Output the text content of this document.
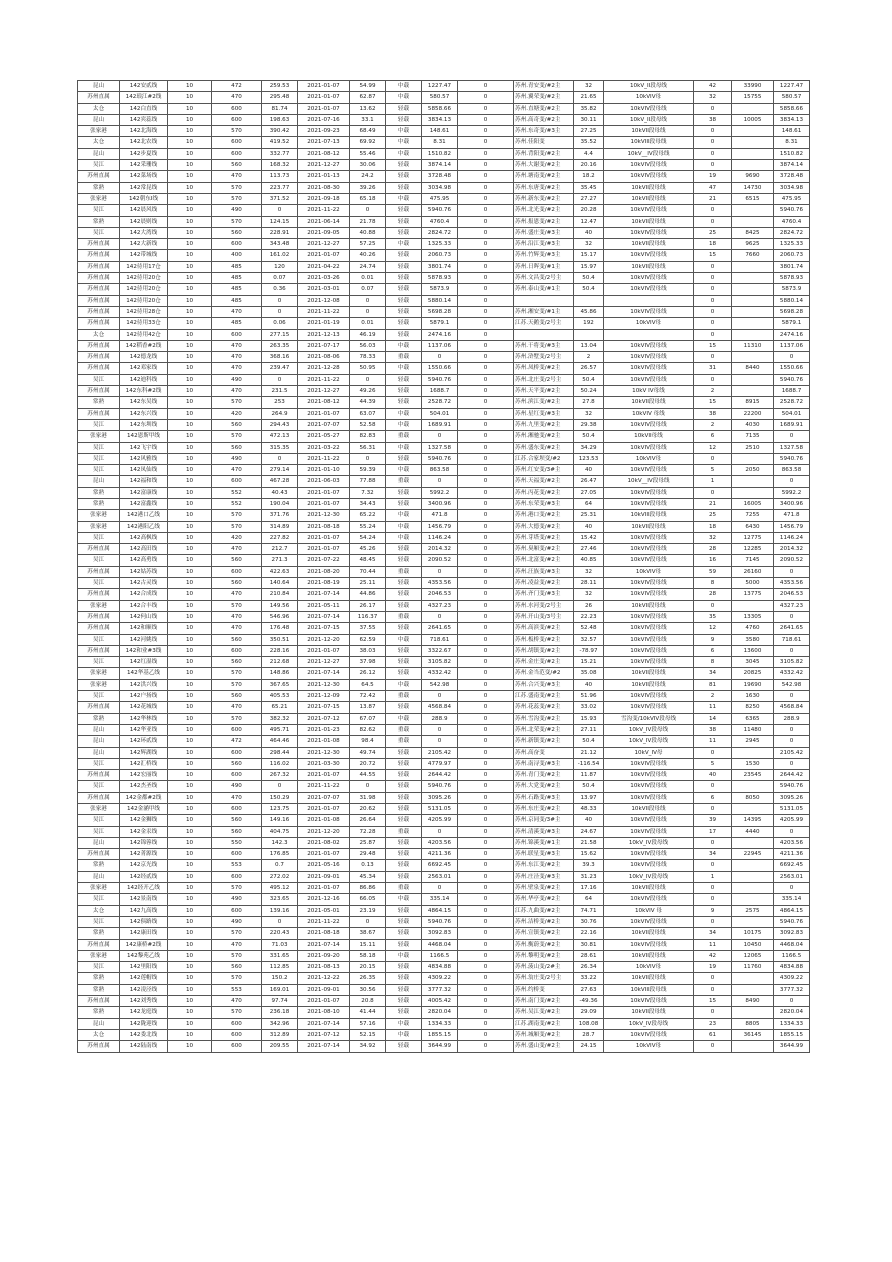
昆山	142安贰线	10	472	259.53	2021-01-07	54.99	中载	1227.47	0	苏州.青安变/#2主	32	10kV_II段母线	42	33990	1227.47
苏州直属	142琅江#2线	10	470	295.48	2021-01-07	62.87	中载	580.57	0	苏州.翼荣变/#2主	21.65	10kVIV母	32	15755	580.57
太仓	142白直线	10	600	81.74	2021-01-07	13.62	轻载	5858.66	0	苏州.直塘变/#2主	35.82	10kVIV段母线	0		5858.66
昆山	142宾蕊线	10	600	198.63	2021-07-16	33.1	轻载	3834.13	0	苏州.高奇变/#2主	30.11	10kV_II段母线	38	10005	3834.13
张家港	142北海线	10	570	390.42	2021-09-23	68.49	中载	148.61	0	苏州.东奇变/#3主	27.25	10kVII段母线	0		148.61
太仓	142北农线	10	600	419.52	2021-07-13	69.92	中载	8.31	0	苏州.佳阳变	35.52	10kVIII段母线	0		8.31
昆山	142步夏线	10	600	332.77	2021-08-12	55.46	中载	1510.82	0	苏州.背阳变/#2主	4.4	10kV__IV段母线	0		1510.82
吴江	142采珊线	10	560	168.32	2021-12-27	30.06	轻载	3874.14	0	苏州.大谢变/#2主	20.16	10kVIV段母线	0		3874.14
苏州直属	142菜场线	10	470	113.73	2021-01-13	24.2	轻载	3728.48	0	苏州.塘南变/#2主	18.2	10kVIV段母线	19	9690	3728.48
常熟	142常昆线	10	570	223.77	2021-08-30	39.26	轻载	3034.98	0	苏州.东唐变/#2主	35.45	10kVII段母线	47	14730	3034.98
张家港	142朝东I线	10	570	371.52	2021-09-18	65.18	中载	475.95	0	苏州.新东变/#2主	27.27	10kVII段母线	21	6515	475.95
吴江	142晨风线	10	490	0	2021-11-22	0	轻载	5940.76	0	苏州.北光变/#2主	20.28	10kVIV段母线	0		5940.76
常熟	142晨则线	10	570	124.15	2021-06-14	21.78	轻载	4760.4	0	苏州.报恩变/#2主	12.47	10kVII段母线	0		4760.4
吴江	142大湾线	10	560	228.91	2021-09-05	40.88	轻载	2824.72	0	苏州.盛庄变/#3主	40	10kVIV段母线	25	8425	2824.72
苏州直属	142大新线	10	600	343.48	2021-12-27	57.25	中载	1325.33	0	苏州.沿江变/#3主	32	10kVII段母线	18	9625	1325.33
苏州直属	142带城线	10	400	161.02	2021-01-07	40.26	轻载	2060.73	0	苏州.竹辉变/#3主	15.17	10kVIV段母线	15	7660	2060.73
苏州直属	142待用17仓	10	485	120	2021-04-22	24.74	轻载	3801.74	0	苏州.日晖变/#1主	15.97	10kVII段母线	0		3801.74
苏州直属	142待用20仓	10	485	0.07	2021-03-26	0.01	轻载	5878.93	0	苏州.文昌变/2号主	50.4	10kVIV段母线	0		5878.93
苏州直属	142待用20仓	10	485	0.36	2021-03-01	0.07	轻载	5873.9	0	苏州.泰山变/#1主	50.4	10kVIV段母线	0		5873.9
苏州直属	142待用20仓	10	485	0	2021-12-08	0	轻载	5880.14	0				0		5880.14
苏州直属	142待用28仓	10	470	0	2021-11-22	0	轻载	5698.28	0	苏州.湘安变/#1主	45.86	10kVIV段母线	0		5698.28
苏州直属	142待用33仓	10	485	0.06	2021-01-19	0.01	轻载	5879.1	0	江苏.天鹅变/2号主	192	10kVIV母	0		5879.1
太仓	142待用42仓	10	600	277.15	2021-12-13	46.19	轻载	2474.16	0				0		2474.16
苏州直属	142稻香#2线	10	470	263.35	2021-07-17	56.03	中载	1137.06	0	苏州.干将变/#3主	13.04	10kVIV段母线	15	11310	1137.06
苏州直属	142德龙线	10	470	368.16	2021-08-06	78.33	重载	0	0	苏州.浒墅变/2号主	2	10kVIV段母线	0		0
苏州直属	142邓家线	10	470	239.47	2021-12-28	50.95	中载	1550.66	0	苏州.凤桥变/#2主	26.57	10kVIV段母线	31	8440	1550.66
吴江	142迪科线	10	490	0	2021-11-22	0	轻载	5940.76	0	苏州.北庄变/2号主	50.4	10kVIV段母线	0		5940.76
苏州直属	142东科#2线	10	470	231.5	2021-12-27	49.26	轻载	1688.7	0	苏州.天平变/#2主	50.24	10kV IV母线	2		1688.7
常熟	142东吴线	10	570	253	2021-08-12	44.39	轻载	2528.72	0	苏州.滨江变/#2主	27.8	10kVII段母线	15	8915	2528.72
苏州直属	142东兴线	10	420	264.9	2021-01-07	63.07	中载	504.01	0	苏州.星红变/#3主	32	10kVIV 母线	38	22200	504.01
吴江	142东圳线	10	560	294.43	2021-07-07	52.58	中载	1689.91	0	苏州.九里变/#2主	29.38	10kVIV段母线	2	4030	1689.91
张家港	142恩斯甲线	10	570	472.13	2021-05-27	82.83	重载	0	0	苏州.湘驰变/#2主	50.4	10kVII母线	6	7135	0
吴江	142飞宇线	10	560	315.35	2021-03-22	56.31	中载	1327.58	0	苏州.盛东变/#2主	34.29	10kVIV段母线	12	2510	1327.58
吴江	142风雅线	10	490	0	2021-11-22	0	轻载	5940.76	0	江苏.合家坝变/#2	123.53	10kVIV母	0		5940.76
吴江	142凤仙线	10	470	279.14	2021-01-10	59.39	中载	863.58	0	苏州.红安变/3#主	40	10kVIV段母线	5	2050	863.58
昆山	142福和线	10	600	467.28	2021-06-03	77.88	重载	0	0	苏州.天福变/#2主	26.47	10kV__IV段母线	1		0
常熟	142富康线	10	552	40.43	2021-01-07	7.32	轻载	5992.2	0	苏州.丙花变/#2主	27.05	10kVIV段母线	0		5992.2
常熟	142富鑫线	10	552	190.04	2021-01-07	34.43	轻载	3400.96	0	苏州.东荣变/#3主	64	10kVIV段母线	21	16005	3400.96
张家港	142港口乙线	10	570	371.76	2021-12-30	65.22	中载	471.8	0	苏州.港口变/#2主	25.31	10kVIII段母线	25	7255	471.8
张家港	142港阳乙线	10	570	314.89	2021-08-18	55.24	中载	1456.79	0	苏州.大德变/#2主	40	10kVII段母线	18	6430	1456.79
吴江	142高枫线	10	420	227.82	2021-01-07	54.24	中载	1146.24	0	苏州.芽塔变/#2主	15.42	10kVIV段母线	32	12775	1146.24
苏州直属	142高田线	10	470	212.7	2021-01-07	45.26	轻载	2014.32	0	苏州.臭厢变/#2主	27.46	10kVIV段母线	28	12285	2014.32
吴江	142高勇线	10	560	271.3	2021-07-22	48.45	轻载	2090.52	0	苏州.北富变/#2主	40.85	10kVIV段母线	16	7145	2090.52
苏州直属	142姑苏线	10	600	422.63	2021-08-20	70.44	重载	0	0	苏州.汪族变/#3主	32	10kVIV母	59	26160	0
吴江	142古灵线	10	560	140.64	2021-08-19	25.11	轻载	4353.56	0	苏州.凌益变/#2主	28.11	10kVIV段母线	8	5000	4353.56
苏州直属	142合成线	10	470	210.84	2021-07-14	44.86	轻载	2046.53	0	苏州.齐门变/#3主	32	10kVIV段母线	28	13775	2046.53
张家港	142合丰线	10	570	149.56	2021-05-11	26.17	轻载	4327.23	0	苏州.水河变/2号主	26	10kVII段母线	0		4327.23
苏州直属	142何山线	10	470	546.96	2021-07-14	116.37	重载	0	0	苏州.开山变/3号主	22.23	10kVIV段母线	35	13305	0
苏州直属	142和顺线	10	470	176.48	2021-07-15	37.55	轻载	2641.65	0	苏州.高滨变/#2主	52.48	10kVIV段母线	12	4760	2641.65
吴江	142河姚线	10	560	350.51	2021-12-20	62.59	中载	718.61	0	苏州.板桥变/#2主	32.57	10kVIV段母线	9	3580	718.61
苏州直属	142和业#3线	10	600	228.16	2021-01-07	38.03	轻载	3322.67	0	苏州.胡镇变/#2主	-78.97	10kVIV段母线	6	13600	0
吴江	142红湿线	10	560	212.68	2021-12-27	37.98	轻载	3105.82	0	苏州.金庄变/#2主	15.21	10kVIV段母线	8	3045	3105.82
张家港	142华基乙线	10	570	148.86	2021-07-14	26.12	轻载	4332.42	0	苏州.金当范变/#2	35.08	10kVII段母线	34	20825	4332.42
张家港	142洪兴线	10	570	367.65	2021-12-30	64.5	中载	542.98	0	苏州.合兴变/#3主	40	10kVII段母线	81	19690	542.98
吴江	142户扬线	10	560	405.53	2021-12-09	72.42	重载	0	0	江苏.盛南变/#2主	51.96	10kVIV段母线	2	1630	0
苏州直属	142花城线	10	470	65.21	2021-07-15	13.87	轻载	4568.84	0	苏州.花蕊变/#2主	33.02	10kVIV段母线	11	8250	4568.84
常熟	142华林线	10	570	382.32	2021-07-12	67.07	中载	288.9	0	苏州.雪沟变/#2主	15.93	雪沟变/10kVIV段母线	14	6365	288.9
昆山	142华亚线	10	600	495.71	2021-01-23	82.62	重载	0	0	苏州.北荣变/#2主	27.11	10kV_IV段母线	38	11480	0
昆山	142环贰线	10	472	464.46	2021-01-08	98.4	重载	0	0	苏州.新镇变/#2主	50.4	10kV_IV段母线	11	2945	0
昆山	142辉湖线	10	600	298.44	2021-12-30	49.74	轻载	2105.42	0	苏州.高奋变	21.12	10kV_IV母	0		2105.42
吴江	142汇桥线	10	560	116.02	2021-03-30	20.72	轻载	4779.97	0	苏州.南浔变/#3主	-116.54	10kVIV段母线	5	1530	0
苏州直属	142宏丽线	10	600	267.32	2021-01-07	44.55	轻载	2644.42	0	苏州.青门变/#2主	11.87	10kVIV段母线	40	23545	2644.42
吴江	142杰圣线	10	490	0	2021-11-22	0	轻载	5940.76	0	苏州.大党变/#2主	50.4	10kVIV段母线	0		5940.76
苏州直属	142金都#2线	10	470	150.29	2021-07-07	31.98	轻载	3095.26	0	苏州.石路变/#3主	13.97	10kVIV段母线	6	8050	3095.26
张家港	142金涵甲线	10	600	123.75	2021-01-07	20.62	轻载	5131.05	0	苏州.东庄变/#2主	48.33	10kVII段母线	0		5131.05
吴江	142金狮线	10	560	149.16	2021-01-08	26.64	轻载	4205.99	0	苏州.京同变/3#主	40	10kVIV段母线	39	14395	4205.99
吴江	142金汞线	10	560	404.75	2021-12-20	72.28	重载	0	0	苏州.清溪变/#3主	24.67	10kVIV段母线	17	4440	0
昆山	142锦蓉线	10	550	142.3	2021-08-02	25.87	轻载	4203.56	0	苏州.锦溪变/#1主	21.58	10kV_IV段母线	0		4203.56
苏州直属	142菁源线	10	600	176.85	2021-01-07	29.48	轻载	4211.36	0	苏州.联星变/#3主	15.62	10kVIV段母线	34	22945	4211.36
常熟	142京光线	10	553	0.7	2021-05-16	0.13	轻载	6692.45	0	苏州.东江变/#2主	39.3	10kVIV段母线	0		6692.45
昆山	142经贰线	10	600	272.02	2021-09-01	45.34	轻载	2563.01	0	苏州.庄泾变/#3主	31.23	10kV_IV段母线	1		2563.01
张家港	142经开乙线	10	570	495.12	2021-01-07	86.86	重载	0	0	苏州.壁泉变/#2主	17.16	10kVII段母线	0		0
吴江	142景南线	10	490	323.65	2021-12-16	66.05	中载	335.14	0	苏州.华亭变/#2主	64	10kVIV段母线	0		335.14
太仓	142九高线	10	600	139.16	2021-05-01	23.19	轻载	4864.15	0	江苏.九曲变/#2主	74.71	10kVIV 母	9	2575	4864.15
吴江	142俱路线	10	490	0	2021-11-22	0	轻载	5940.76	0	苏州.洁桥变/#2主	30.76	10kVIV段母线	0		5940.76
常熟	142康田线	10	570	220.43	2021-08-18	38.67	轻载	3092.83	0	苏州.宣镇变/#2主	22.16	10kVII段母线	34	10175	3092.83
苏州直属	142康桥#2线	10	470	71.03	2021-07-14	15.11	轻载	4468.04	0	苏州.衡蔚变/#2主	30.81	10kVIV段母线	11	10450	4468.04
张家港	142黎苑乙线	10	570	331.65	2021-09-20	58.18	中载	1166.5	0	苏州.黎明变/#2主	28.61	10kVII段母线	42	12065	1166.5
吴江	142里阳线	10	560	112.85	2021-08-13	20.15	轻载	4834.88	0	苏州.菠山变/2#主	26.34	10kVIV母	19	11760	4834.88
常熟	142莲帽线	10	570	150.2	2021-12-22	26.35	轻载	4309.22	0	苏州.翁庄变/2号主	33.22	10kVII段母线	0		4309.22
常熟	142凌泾线	10	553	169.01	2021-09-01	30.56	轻载	3777.32	0	苏州.约桥变	27.63	10kVIII段母线	0		3777.32
苏州直属	142刘秀线	10	470	97.74	2021-01-07	20.8	轻载	4005.42	0	苏州.南门变/#2主	-49.36	10kVIV段母线	15	8490	0
常熟	142龙庭线	10	570	236.18	2021-08-10	41.44	轻载	2820.04	0	苏州.吴江变/#2主	29.09	10kVII段母线	0		2820.04
昆山	142陇迎线	10	600	342.96	2021-07-14	57.16	中载	1334.33	0	江苏.湖南变/#2主	108.08	10kV_IV段母线	23	8805	1334.33
太仓	142娄北线	10	600	312.89	2021-07-12	52.15	中载	1855.15	0	苏州.城厢变/#2主	28.7	10kVIV段母线	61	36145	1855.15
苏州直属	142陆南线	10	600	209.55	2021-07-14	34.92	轻载	3644.99	0	苏州.盛山变/#2主	24.15	10kVIV母	0		3644.99
